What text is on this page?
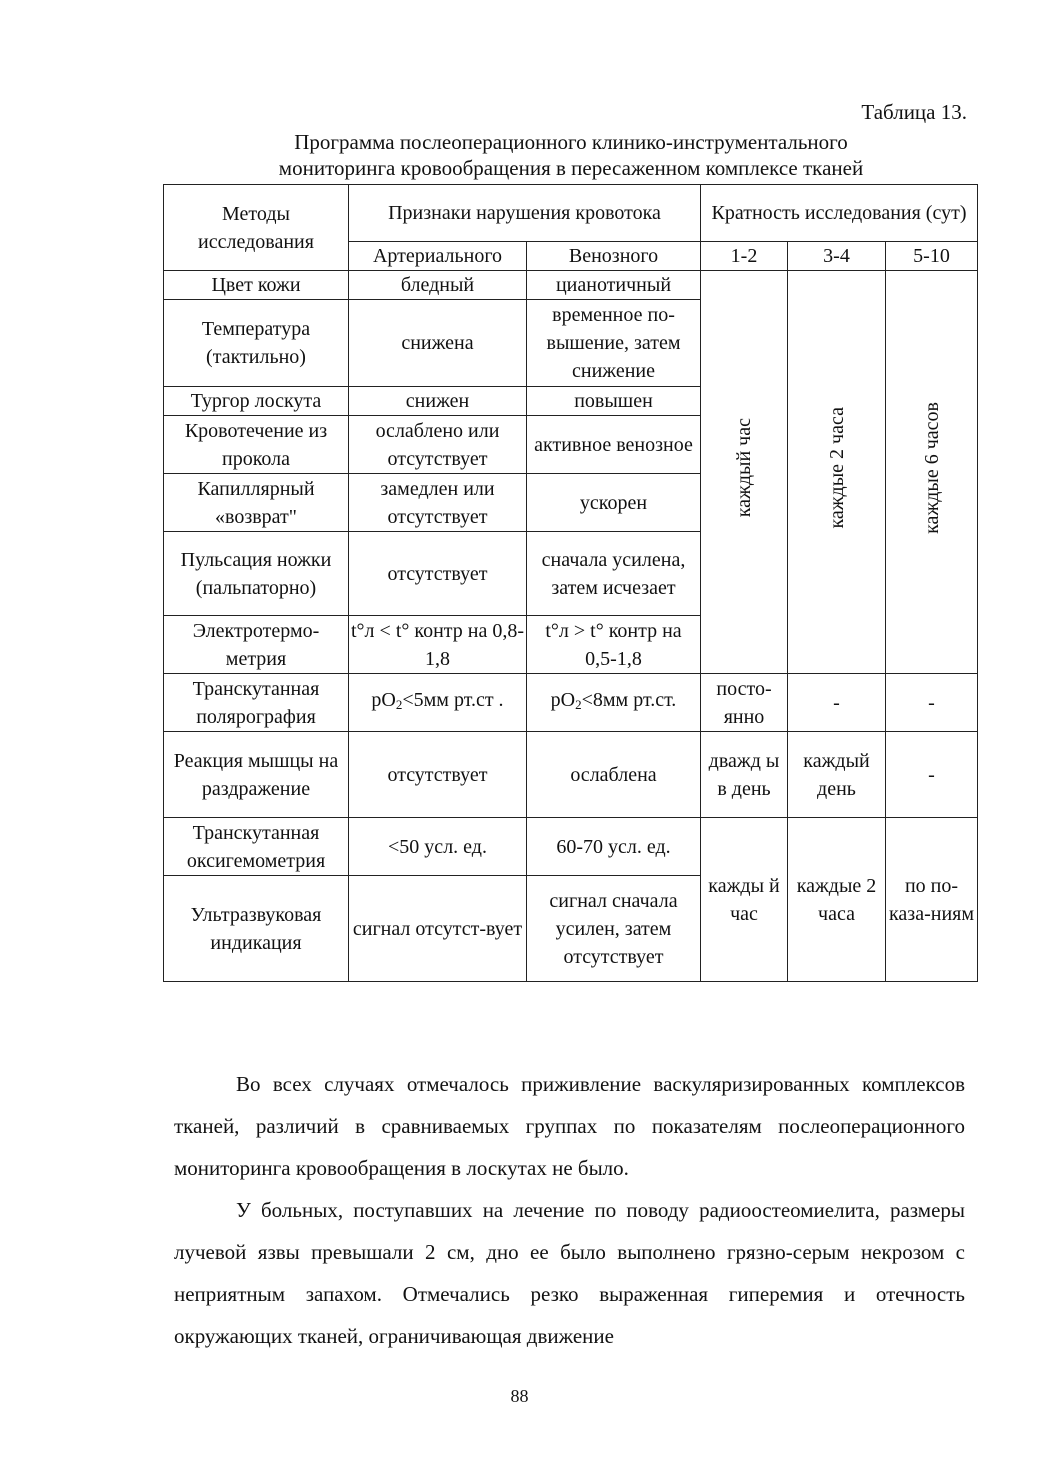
Таблица 13.
Программа послеоперационного клинико-инструментального
мониторинга кровообращения в пересаженном комплексе тканей
Методы исследования	Признаки нарушения кровотока		Кратность исследования (сут)		
	Артериального	Венозного	1-2	3-4	5-10
Цвет кожи	бледный	цианотичный	каждый час	каждые 2 часа	каждые 6 часов
Температура (тактильно)	снижена	временное по-вышение, затем снижение			
Тургор лоскута	снижен	повышен			
Кровотечение из прокола	ослаблено или отсутствует	активное венозное			
Капиллярный «возврат"	замедлен или отсутствует	ускорен			
Пульсация ножки (пальпаторно)	отсутствует	сначала усилена, затем исчезает			
Электротермо-метрия	t°л < t° контр на 0,8-1,8	t°л > t° контр на 0,5-1,8			
Транскутанная полярография	$pO_2<5мм$ рт.ст .	$pO_2<8мм$ рт.ст.	посто-янно	-	-
Реакция мышцы на раздражение	отсутствует	ослаблена	дважд ы в день	каждый день	-
Транскутанная оксигемометрия	<50 усл. ед.	60-70 усл. ед.	кажды й час	каждые 2 часа	по по-каза-ниям
Ультразвуковая индикация	сигнал отсутст-вует	сигнал сначала усилен, затем отсутствует			

Во всех случаях отмечалось приживление васкуляризированных комплексов тканей, различий в сравниваемых группах по показателям послеоперационного мониторинга кровообращения в лоскутах не было.

У больных, поступавших на лечение по поводу радиоостеомиелита, размеры лучевой язвы превышали 2 см, дно ее было выполнено грязно-серым некрозом с неприятным запахом. Отмечались резко выраженная гиперемия и отечность окружающих тканей, ограничивающая движение

88
